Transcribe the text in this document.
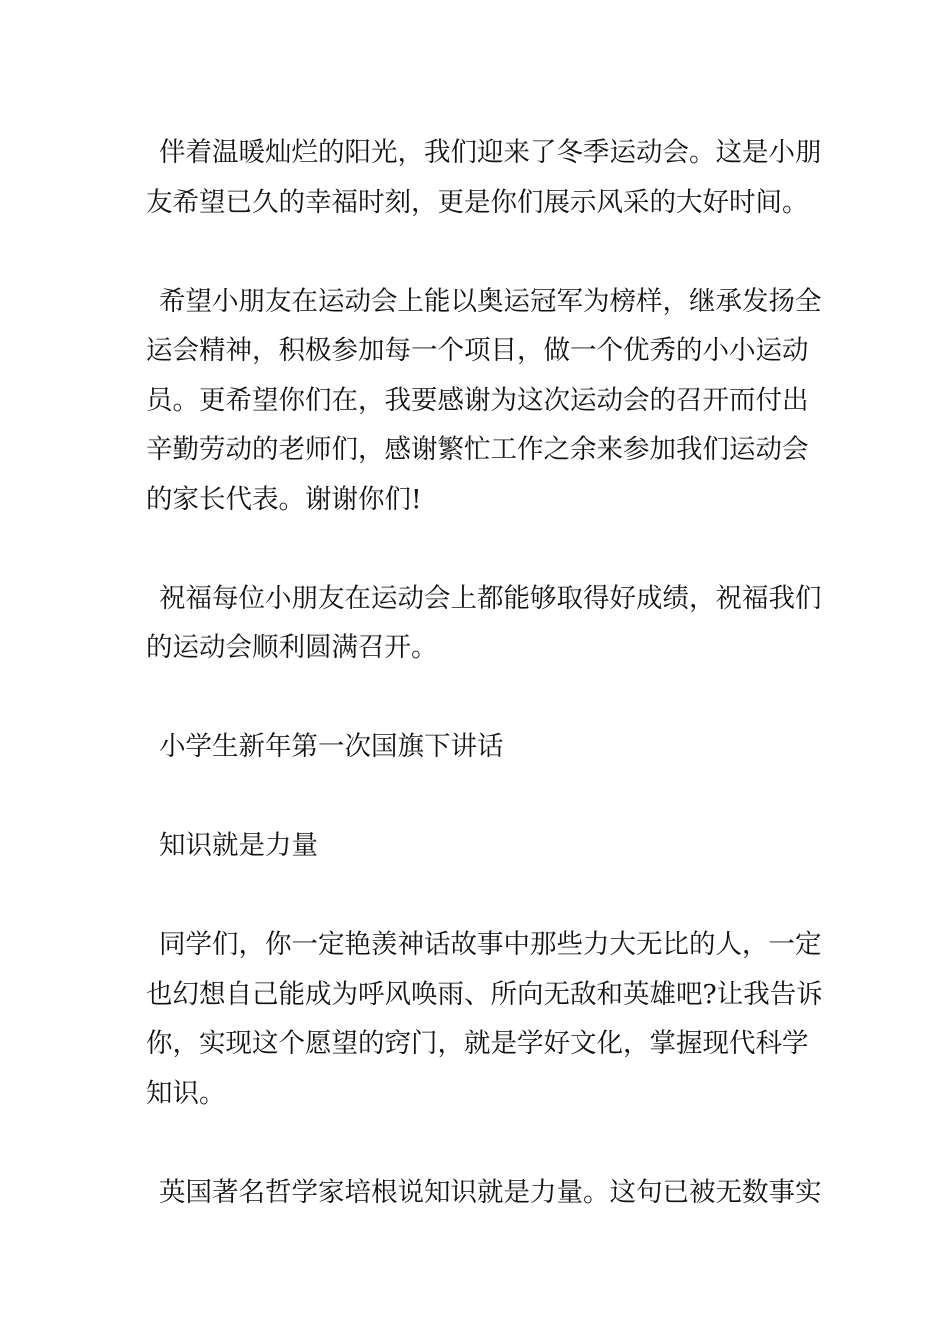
伴着温暖灿烂的阳光，我们迎来了冬季运动会。这是小朋
友希望已久的幸福时刻，更是你们展示风采的大好时间。

希望小朋友在运动会上能以奥运冠军为榜样，继承发扬全
运会精神，积极参加每一个项目，做一个优秀的小小运动
员。更希望你们在，我要感谢为这次运动会的召开而付出
辛勤劳动的老师们，感谢繁忙工作之余来参加我们运动会
的家长代表。谢谢你们!

祝福每位小朋友在运动会上都能够取得好成绩，祝福我们
的运动会顺利圆满召开。

小学生新年第一次国旗下讲话

知识就是力量

同学们，你一定艳羡神话故事中那些力大无比的人，一定
也幻想自己能成为呼风唤雨、所向无敌和英雄吧?让我告诉
你，实现这个愿望的窍门，就是学好文化，掌握现代科学
知识。

英国著名哲学家培根说知识就是力量。这句已被无数事实
